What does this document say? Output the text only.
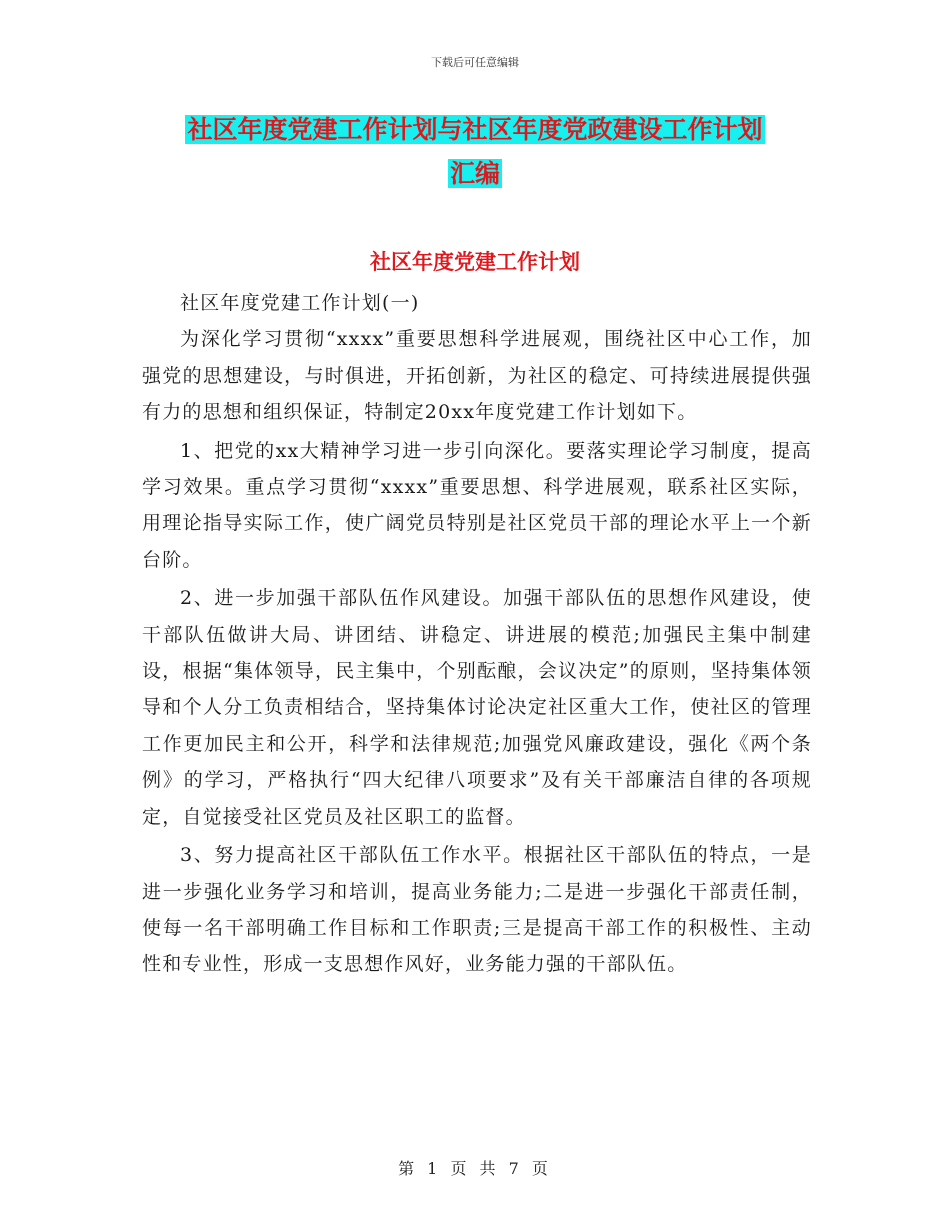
下载后可任意编辑
社区年度党建工作计划与社区年度党政建设工作计划
汇编
社区年度党建工作计划

社区年度党建工作计划(一)

为深化学习贯彻“xxxx”重要思想科学进展观，围绕社区中心工作，加强党的思想建设，与时俱进，开拓创新，为社区的稳定、可持续进展提供强有力的思想和组织保证，特制定20xx年度党建工作计划如下。

1、把党的xx大精神学习进一步引向深化。要落实理论学习制度，提高学习效果。重点学习贯彻“xxxx”重要思想、科学进展观，联系社区实际，用理论指导实际工作，使广阔党员特别是社区党员干部的理论水平上一个新台阶。

2、进一步加强干部队伍作风建设。加强干部队伍的思想作风建设，使干部队伍做讲大局、讲团结、讲稳定、讲进展的模范;加强民主集中制建设，根据“集体领导，民主集中，个别酝酿，会议决定”的原则，坚持集体领导和个人分工负责相结合，坚持集体讨论决定社区重大工作，使社区的管理工作更加民主和公开，科学和法律规范;加强党风廉政建设，强化《两个条例》的学习，严格执行“四大纪律八项要求”及有关干部廉洁自律的各项规定，自觉接受社区党员及社区职工的监督。

3、努力提高社区干部队伍工作水平。根据社区干部队伍的特点，一是进一步强化业务学习和培训，提高业务能力;二是进一步强化干部责任制，使每一名干部明确工作目标和工作职责;三是提高干部工作的积极性、主动性和专业性，形成一支思想作风好，业务能力强的干部队伍。

第 1 页 共 7 页
